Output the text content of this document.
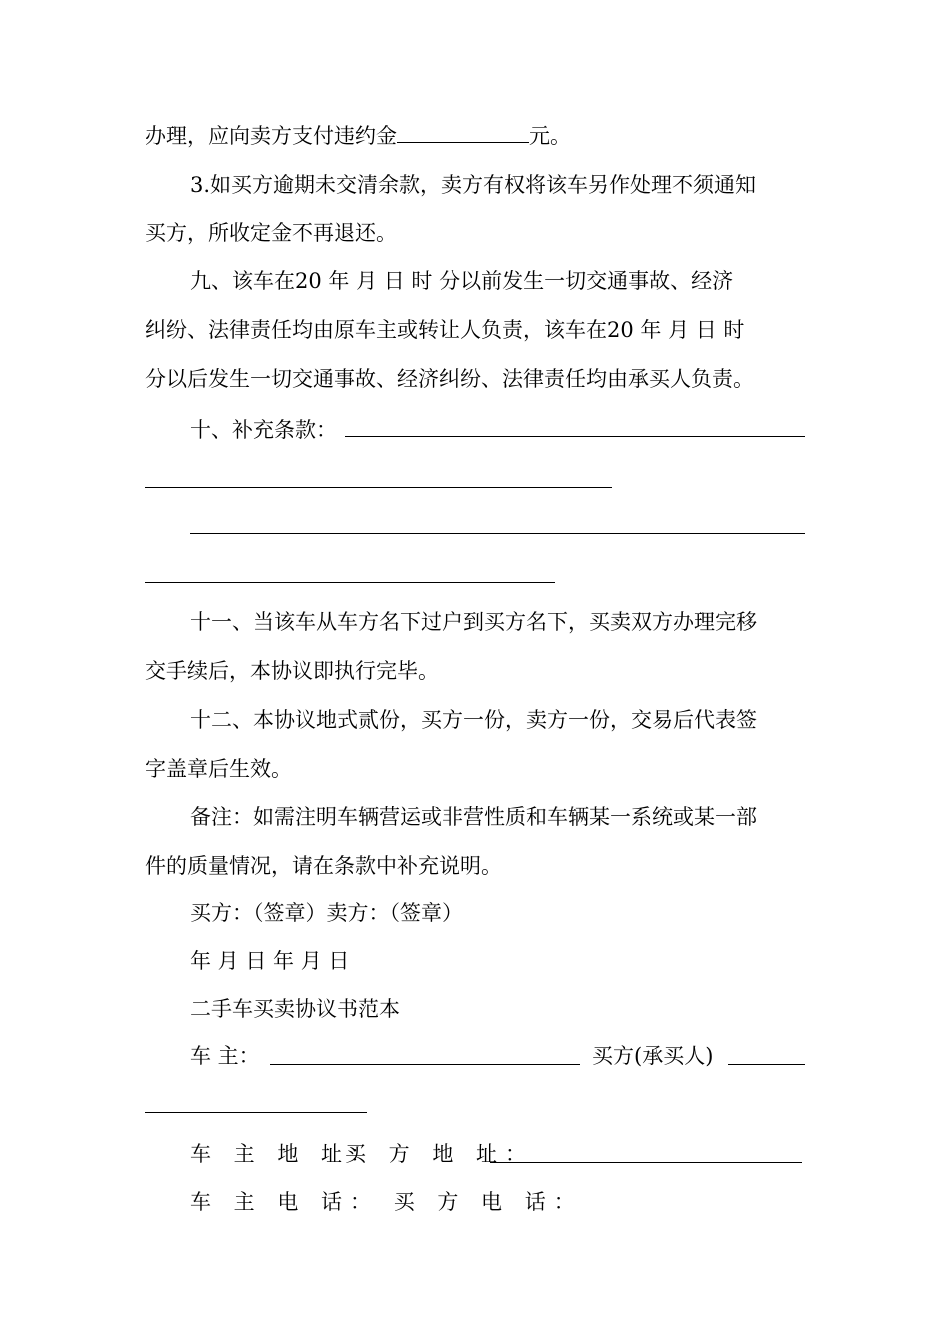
办理，应向卖方支付违约金	元。
3.如买方逾期未交清余款，卖方有权将该车另作处理不须通知
买方，所收定金不再退还。
九、该车在20 年 月 日 时 分以前发生一切交通事故、经济
纠纷、法律责任均由原车主或转让人负责，该车在20 年 月 日 时
分以后发生一切交通事故、经济纠纷、法律责任均由承买人负责。
十、补充条款：
十一、当该车从车方名下过户到买方名下，买卖双方办理完移
交手续后，本协议即执行完毕。
十二、本协议地式贰份，买方一份，卖方一份，交易后代表签
字盖章后生效。
备注：如需注明车辆营运或非营性质和车辆某一系统或某一部
件的质量情况，请在条款中补充说明。
买方：（签章）卖方：（签章）
年 月 日 年 月 日
二手车买卖协议书范本
车 主：	买方(承买人)
车 主 地 址：
买 方 地 址：
车 主 电 话： 买 方 电 话：
